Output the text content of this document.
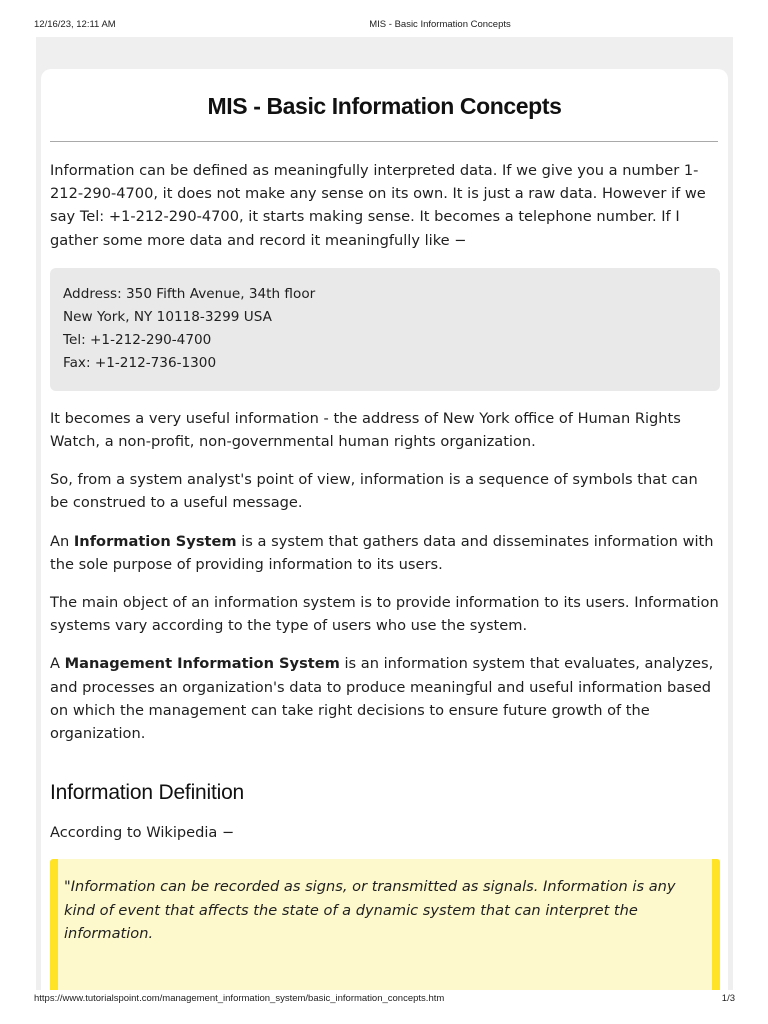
12/16/23, 12:11 AM	MIS - Basic Information Concepts
MIS - Basic Information Concepts

Information can be defined as meaningfully interpreted data. If we give you a number 1-212-290-4700, it does not make any sense on its own. It is just a raw data. However if we say Tel: +1-212-290-4700, it starts making sense. It becomes a telephone number. If I gather some more data and record it meaningfully like −

Address: 350 Fifth Avenue, 34th floor
New York, NY 10118-3299 USA
Tel: +1-212-290-4700
Fax: +1-212-736-1300

It becomes a very useful information - the address of New York office of Human Rights Watch, a non-profit, non-governmental human rights organization.

So, from a system analyst's point of view, information is a sequence of symbols that can be construed to a useful message.

An Information System is a system that gathers data and disseminates information with the sole purpose of providing information to its users.

The main object of an information system is to provide information to its users. Information systems vary according to the type of users who use the system.

A Management Information System is an information system that evaluates, analyzes, and processes an organization's data to produce meaningful and useful information based on which the management can take right decisions to ensure future growth of the organization.

Information Definition

According to Wikipedia −

"Information can be recorded as signs, or transmitted as signals. Information is any kind of event that affects the state of a dynamic system that can interpret the information.
https://www.tutorialspoint.com/management_information_system/basic_information_concepts.htm	1/3
